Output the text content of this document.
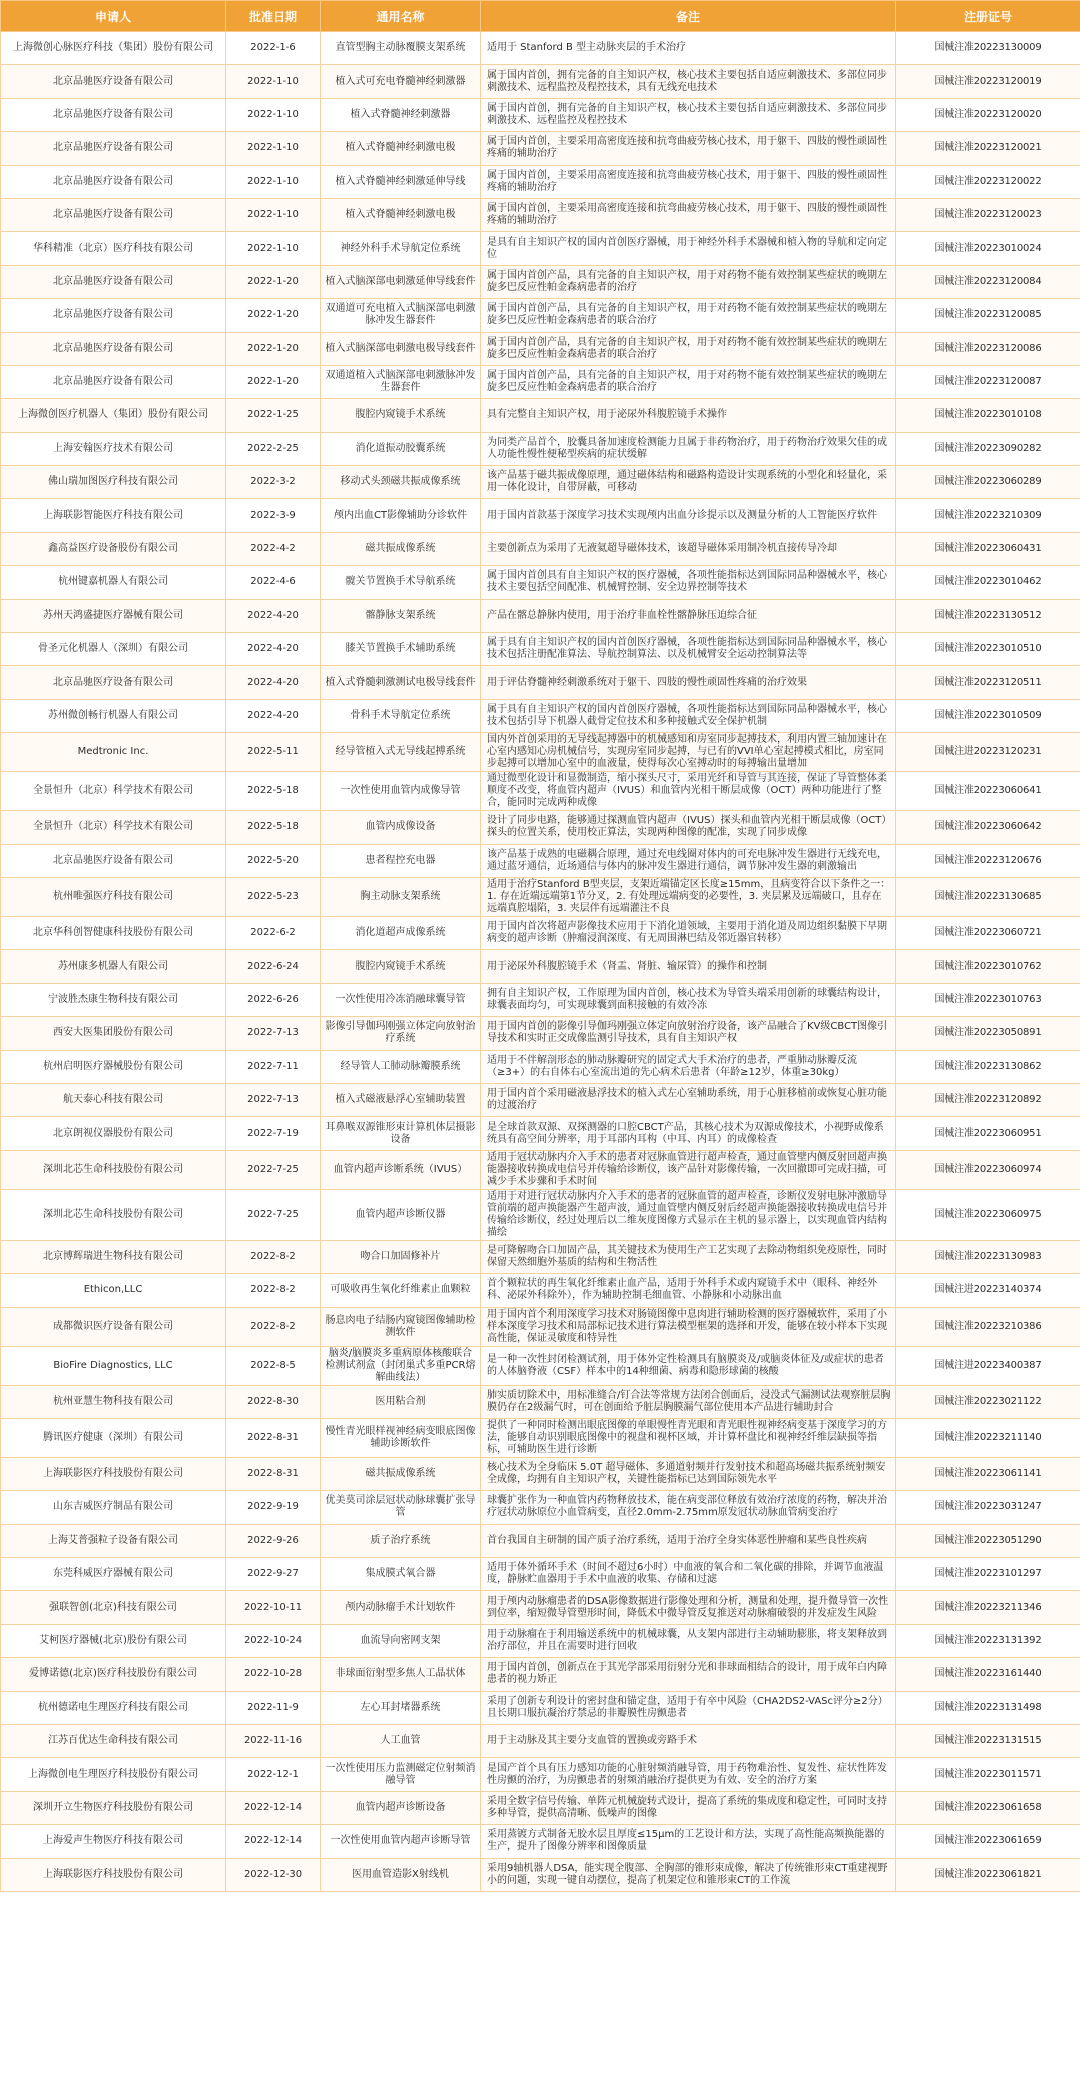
申请人	批准日期	通用名称	备注	注册证号
上海微创心脉医疗科技（集团）股份有限公司	2022-1-6	直管型胸主动脉覆膜支架系统	适用于 Stanford B 型主动脉夹层的手术治疗	国械注准20223130009
北京品驰医疗设备有限公司	2022-1-10	植入式可充电脊髓神经刺激器	属于国内首创，拥有完备的自主知识产权，核心技术主要包括自适应刺激技术、多部位同步刺激技术、远程监控及程控技术，具有无线充电技术	国械注准20223120019
北京品驰医疗设备有限公司	2022-1-10	植入式脊髓神经刺激器	属于国内首创，拥有完备的自主知识产权，核心技术主要包括自适应刺激技术、多部位同步刺激技术、远程监控及程控技术	国械注准20223120020
北京品驰医疗设备有限公司	2022-1-10	植入式脊髓神经刺激电极	属于国内首创，主要采用高密度连接和抗弯曲疲劳核心技术，用于躯干、四肢的慢性顽固性疼痛的辅助治疗	国械注准20223120021
北京品驰医疗设备有限公司	2022-1-10	植入式脊髓神经刺激延伸导线	属于国内首创，主要采用高密度连接和抗弯曲疲劳核心技术，用于躯干、四肢的慢性顽固性疼痛的辅助治疗	国械注准20223120022
北京品驰医疗设备有限公司	2022-1-10	植入式脊髓神经刺激电极	属于国内首创，主要采用高密度连接和抗弯曲疲劳核心技术，用于躯干、四肢的慢性顽固性疼痛的辅助治疗	国械注准20223120023
华科精准（北京）医疗科技有限公司	2022-1-10	神经外科手术导航定位系统	是具有自主知识产权的国内首创医疗器械，用于神经外科手术器械和植入物的导航和定向定位	国械注准20223010024
北京品驰医疗设备有限公司	2022-1-20	植入式脑深部电刺激延伸导线套件	属于国内首创产品，具有完备的自主知识产权，用于对药物不能有效控制某些症状的晚期左旋多巴反应性帕金森病患者的治疗	国械注准20223120084
北京品驰医疗设备有限公司	2022-1-20	双通道可充电植入式脑深部电刺激脉冲发生器套件	属于国内首创产品，具有完备的自主知识产权，用于对药物不能有效控制某些症状的晚期左旋多巴反应性帕金森病患者的联合治疗	国械注准20223120085
北京品驰医疗设备有限公司	2022-1-20	植入式脑深部电刺激电极导线套件	属于国内首创产品，具有完备的自主知识产权，用于对药物不能有效控制某些症状的晚期左旋多巴反应性帕金森病患者的联合治疗	国械注准20223120086
北京品驰医疗设备有限公司	2022-1-20	双通道植入式脑深部电刺激脉冲发生器套件	属于国内首创产品，具有完备的自主知识产权，用于对药物不能有效控制某些症状的晚期左旋多巴反应性帕金森病患者的联合治疗	国械注准20223120087
上海微创医疗机器人（集团）股份有限公司	2022-1-25	腹腔内窥镜手术系统	具有完整自主知识产权，用于泌尿外科腹腔镜手术操作	国械注准20223010108
上海安翰医疗技术有限公司	2022-2-25	消化道振动胶囊系统	为同类产品首个，胶囊具备加速度检测能力且属于非药物治疗，用于药物治疗效果欠佳的成人功能性慢性便秘型疾病的症状缓解	国械注准20223090282
佛山瑞加图医疗科技有限公司	2022-3-2	移动式头颈磁共振成像系统	该产品基于磁共振成像原理，通过磁体结构和磁路构造设计实现系统的小型化和轻量化，采用一体化设计，自带屏蔽，可移动	国械注准20223060289
上海联影智能医疗科技有限公司	2022-3-9	颅内出血CT影像辅助分诊软件	用于国内首款基于深度学习技术实现颅内出血分诊提示以及测量分析的人工智能医疗软件	国械注准20223210309
鑫高益医疗设备股份有限公司	2022-4-2	磁共振成像系统	主要创新点为采用了无液氦超导磁体技术，该超导磁体采用制冷机直接传导冷却	国械注准20223060431
杭州键嘉机器人有限公司	2022-4-6	髋关节置换手术导航系统	属于国内首创具有自主知识产权的医疗器械，各项性能指标达到国际同品种器械水平，核心技术主要包括空间配准、机械臂控制、安全边界控制等技术	国械注准20223010462
苏州天鸿盛捷医疗器械有限公司	2022-4-20	髂静脉支架系统	产品在髂总静脉内使用，用于治疗非血栓性髂静脉压迫综合征	国械注准20223130512
骨圣元化机器人（深圳）有限公司	2022-4-20	膝关节置换手术辅助系统	属于具有自主知识产权的国内首创医疗器械，各项性能指标达到国际同品种器械水平，核心技术包括注册配准算法、导航控制算法、以及机械臂安全运动控制算法等	国械注准20223010510
北京品驰医疗设备有限公司	2022-4-20	植入式脊髓刺激测试电极导线套件	用于评估脊髓神经刺激系统对于躯干、四肢的慢性顽固性疼痛的治疗效果	国械注准20223120511
苏州微创畅行机器人有限公司	2022-4-20	骨科手术导航定位系统	属于具有自主知识产权的国内首创医疗器械，各项性能指标达到国际同品种器械水平，核心技术包括引导下机器人截骨定位技术和多种接触式安全保护机制	国械注准20223010509
Medtronic Inc.	2022-5-11	经导管植入式无导线起搏系统	国内外首创采用的无导线起搏器中的机械感知和房室同步起搏技术，利用内置三轴加速计在心室内感知心房机械信号，实现房室同步起搏，与已有的VVI单心室起搏模式相比，房室同步起搏可以增加心室中的血液量，使得每次心室搏动时的每搏输出量增加	国械注进20223120231
全景恒升（北京）科学技术有限公司	2022-5-18	一次性使用血管内成像导管	通过微型化设计和显微制造，缩小探头尺寸，采用光纤和导管与其连接，保证了导管整体柔顺度不改变，将血管内超声（IVUS）和血管内光相干断层成像（OCT）两种功能进行了整合，能同时完成两种成像	国械注准20223060641
全景恒升（北京）科学技术有限公司	2022-5-18	血管内成像设备	设计了同步电路，能够通过探测血管内超声（IVUS）探头和血管内光相干断层成像（OCT）探头的位置关系，使用校正算法，实现两种图像的配准，实现了同步成像	国械注准20223060642
北京品驰医疗设备有限公司	2022-5-20	患者程控充电器	该产品基于成熟的电磁耦合原理，通过充电线圈对体内的可充电脉冲发生器进行无线充电，通过蓝牙通信，近场通信与体内的脉冲发生器进行通信，调节脉冲发生器的刺激输出	国械注准20223120676
杭州唯强医疗科技有限公司	2022-5-23	胸主动脉支架系统	适用于治疗Stanford B型夹层，支架近端锚定区长度≥15mm，且病变符合以下条件之一：1. 存在近端远端第1节分叉，2. 有处理远端病变的必要性，3. 夹层累及远端破口，且存在远端真腔塌陷，3. 夹层伴有远端灌注不良	国械注准20223130685
北京华科创智健康科技股份有限公司	2022-6-2	消化道超声成像系统	用于国内首次将超声影像技术应用于下消化道领域，主要用于消化道及周边组织黏膜下早期病变的超声诊断（肿瘤浸润深度、有无周围淋巴结及邻近器官转移）	国械注准20223060721
苏州康多机器人有限公司	2022-6-24	腹腔内窥镜手术系统	用于泌尿外科腹腔镜手术（肾盂、肾脏、输尿管）的操作和控制	国械注准20223010762
宁波胜杰康生物科技有限公司	2022-6-26	一次性使用冷冻消融球囊导管	拥有自主知识产权，工作原理为国内首创，核心技术为导管头端采用创新的球囊结构设计，球囊表面均匀，可实现球囊到面积接触的有效冷冻	国械注准20223010763
西安大医集团股份有限公司	2022-7-13	影像引导伽玛刚强立体定向放射治疗系统	用于国内首创的影像引导伽玛刚强立体定向放射治疗设备，该产品融合了KV级CBCT图像引导技术和实时正交成像监测引导技术，具有自主知识产权	国械注准20223050891
杭州启明医疗器械股份有限公司	2022-7-11	经导管人工肺动脉瓣膜系统	适用于不伴解剖形态的肺动脉瓣研究的固定式大手术治疗的患者，严重肺动脉瓣反流（≥3+）的右自体右心室流出道的先心病术后患者（年龄≥12岁，体重≥30kg）	国械注准20223130862
航天泰心科技有限公司	2022-7-13	植入式磁液悬浮心室辅助装置	用于国内首个采用磁液悬浮技术的植入式左心室辅助系统，用于心脏移植前或恢复心脏功能的过渡治疗	国械注准20223120892
北京朗视仪器股份有限公司	2022-7-19	耳鼻喉双源锥形束计算机体层摄影设备	是全球首款双源、双探测器的口腔CBCT产品，其核心技术为双源成像技术，小视野成像系统具有高空间分辨率，用于耳部内耳构（中耳、内耳）的成像检查	国械注准20223060951
深圳北芯生命科技股份有限公司	2022-7-25	血管内超声诊断系统（IVUS）	适用于冠状动脉内介入手术的患者对冠脉血管进行超声检查，通过血管壁内侧反射回超声换能器接收转换成电信号并传输给诊断仪，该产品针对影像传输，一次回撤即可完成扫描，可减少手术步骤和手术时间	国械注准20223060974
深圳北芯生命科技股份有限公司	2022-7-25	血管内超声诊断仪器	适用于对进行冠状动脉内介入手术的患者的冠脉血管的超声检查，诊断仪发射电脉冲激励导管前端的超声换能器产生超声波，通过血管壁内侧反射后经超声换能器接收转换成电信号并传输给诊断仪，经过处理后以二维灰度图像方式显示在主机的显示器上，以实现血管内结构描绘	国械注准20223060975
北京博辉瑞进生物科技有限公司	2022-8-2	吻合口加固修补片	是可降解吻合口加固产品，其关键技术为使用生产工艺实现了去除动物组织免疫原性，同时保留天然细胞外基质的结构和生物活性	国械注准20223130983
Ethicon,LLC	2022-8-2	可吸收再生氧化纤维素止血颗粒	首个颗粒状的再生氧化纤维素止血产品，适用于外科手术或内窥镜手术中（眼科、神经外科、泌尿外科除外），作为辅助控制毛细血管、小静脉和小动脉出血	国械注进20223140374
成都微识医疗设备有限公司	2022-8-2	肠息肉电子结肠内窥镜图像辅助检测软件	用于国内首个利用深度学习技术对肠镜图像中息肉进行辅助检测的医疗器械软件，采用了小样本深度学习技术和局部标记技术进行算法模型框架的选择和开发，能够在较小样本下实现高性能，保证灵敏度和特异性	国械注准20223210386
BioFire Diagnostics, LLC	2022-8-5	脑炎/脑膜炎多重病原体核酸联合检测试剂盒（封闭巢式多重PCR熔解曲线法）	是一种一次性封闭检测试剂，用于体外定性检测具有脑膜炎及/或脑炎体征及/或症状的患者的人体脑脊液（CSF）样本中的14种细菌、病毒和隐形球菌的核酸	国械注进20223400387
杭州亚慧生物科技有限公司	2022-8-30	医用粘合剂	肺实质切除术中，用标准缝合/钉合法等常规方法闭合创面后，浸没式气漏测试法观察脏层胸膜仍存在2级漏气时，可在创面给予脏层胸膜漏气部位使用本产品进行辅助封合	国械注准20223021122
腾讯医疗健康（深圳）有限公司	2022-8-31	慢性青光眼样视神经病变眼底图像辅助诊断软件	提供了一种同时检测出眼底图像的单眼慢性青光眼和青光眼性视神经病变基于深度学习的方法，能够自动识别眼底图像中的视盘和视杯区域，并计算杯盘比和视神经纤维层缺损等指标，可辅助医生进行诊断	国械注准20223211140
上海联影医疗科技股份有限公司	2022-8-31	磁共振成像系统	核心技术为全身临床 5.0T 超导磁体、多通道射频并行发射技术和超高场磁共振系统射频安全成像，均拥有自主知识产权，关键性能指标已达到国际领先水平	国械注准20223061141
山东吉威医疗制品有限公司	2022-9-19	优美莫司涂层冠状动脉球囊扩张导管	球囊扩张作为一种血管内药物释放技术，能在病变部位释放有效治疗浓度的药物，解决并治疗冠状动脉原位小血管病变，直径2.0mm-2.75mm原发冠状动脉血管病变治疗	国械注准20223031247
上海艾普强粒子设备有限公司	2022-9-26	质子治疗系统	首台我国自主研制的国产质子治疗系统，适用于治疗全身实体恶性肿瘤和某些良性疾病	国械注准20223051290
东莞科威医疗器械有限公司	2022-9-27	集成膜式氧合器	适用于体外循环手术（时间不超过6小时）中血液的氧合和二氧化碳的排除，并调节血液温度，静脉贮血器用于手术中血液的收集、存储和过滤	国械注准20223101297
强联智创(北京)科技有限公司	2022-10-11	颅内动脉瘤手术计划软件	用于颅内动脉瘤患者的DSA影像数据进行影像处理和分析，测量和处理，提升微导管一次性到位率，缩短微导管塑形时间，降低术中微导管反复推送对动脉瘤破裂的并发症发生风险	国械注准20223211346
艾柯医疗器械(北京)股份有限公司	2022-10-24	血流导向密网支架	用于动脉瘤在于利用输送系统中的机械球囊，从支架内部进行主动辅助膨胀，将支架释放到治疗部位，并且在需要时进行回收	国械注准20223131392
爱博诺德(北京)医疗科技股份有限公司	2022-10-28	非球面衍射型多焦人工晶状体	用于国内首创，创新点在于其光学部采用衍射分光和非球面相结合的设计，用于成年白内障患者的视力矫正	国械注准20223161440
杭州德诺电生理医疗科技有限公司	2022-11-9	左心耳封堵器系统	采用了创新专利设计的密封盘和锚定盘，适用于有卒中风险（CHA2DS2-VASc评分≥2分）且长期口服抗凝治疗禁忌的非瓣膜性房颤患者	国械注准20223131498
江苏百优达生命科技有限公司	2022-11-16	人工血管	用于主动脉及其主要分支血管的置换或旁路手术	国械注准20223131515
上海微创电生理医疗科技股份有限公司	2022-12-1	一次性使用压力监测磁定位射频消融导管	是国产首个具有压力感知功能的心脏射频消融导管，用于药物难治性、复发性、症状性阵发性房颤的治疗，为房颤患者的射频消融治疗提供更为有效、安全的治疗方案	国械注准20223011571
深圳开立生物医疗科技股份有限公司	2022-12-14	血管内超声诊断设备	采用全数字信号传输、单阵元机械旋转式设计，提高了系统的集成度和稳定性，可同时支持多种导管，提供高清晰、低噪声的图像	国械注准20223061658
上海爱声生物医疗科技有限公司	2022-12-14	一次性使用血管内超声诊断导管	采用蒸镀方式制备无胶水层且厚度≤15μm的工艺设计和方法，实现了高性能高频换能器的生产，提升了图像分辨率和图像质量	国械注准20223061659
上海联影医疗科技股份有限公司	2022-12-30	医用血管造影X射线机	采用9轴机器人DSA，能实现全腹部、全胸部的锥形束成像，解决了传统锥形束CT重建视野小的问题，实现一键自动摆位，提高了机架定位和锥形束CT的工作流	国械注准20223061821
